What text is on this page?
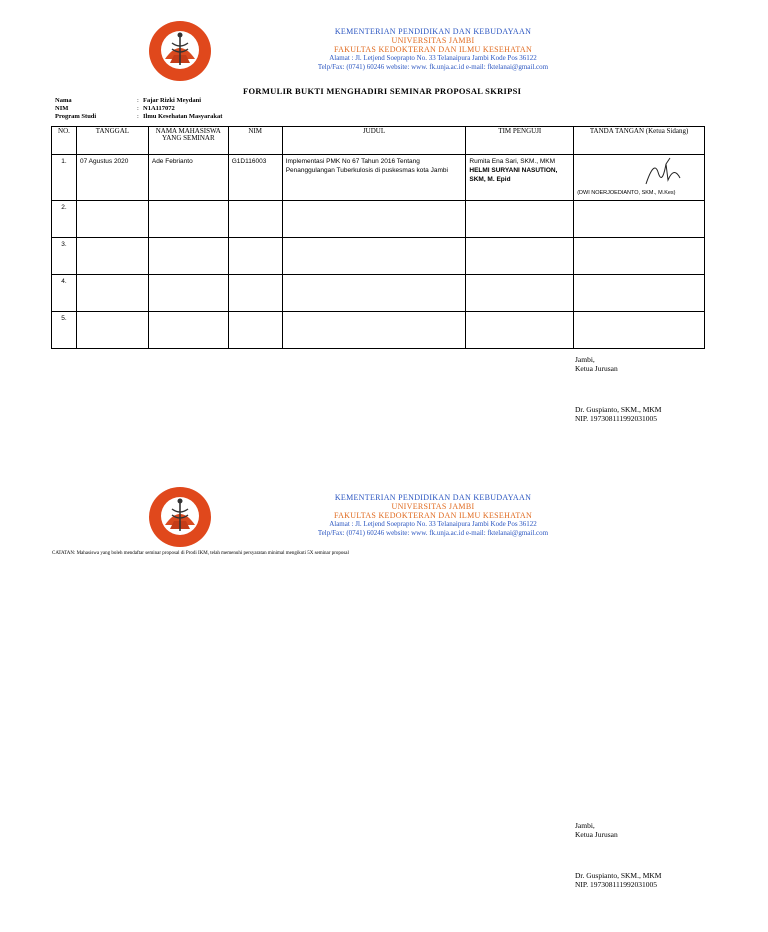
KEMENTERIAN PENDIDIKAN DAN KEBUDAYAAN
UNIVERSITAS JAMBI
FAKULTAS KEDOKTERAN DAN ILMU KESEHATAN
Alamat : Jl. Letjend Soeprapto No. 33 Telanaipura Jambi Kode Pos 36122
Telp/Fax: (0741) 60246 website: www. fk.unja.ac.id e-mail: fktelanai@gmail.com
FORMULIR BUKTI MENGHADIRI SEMINAR PROPOSAL SKRIPSI
Nama	: Fajar Rizki Meydani
NIM	: N1A117072
Program Studi	: Ilmu Kesehatan Masyarakat
NO.	TANGGAL	NAMA MAHASISWA YANG SEMINAR	NIM	JUDUL	TIM PENGUJI	TANDA TANGAN (Ketua Sidang)
1.	07 Agustus 2020	Ade Febrianto	G1D116003	Implementasi PMK No 67 Tahun 2016 Tentang Penanggulangan Tuberkulosis di puskesmas kota Jambi	Rumita Ena Sari, SKM., MKM
HELMI SURYANI NASUTION, SKM, M. Epid	(DWI NOERJOEDIANTO, SKM., M.Kes)

2.						
3.						
4.						
5.						
Jambi,
Ketua Jurusan
Dr. Guspianto, SKM., MKM
NIP. 197308111992031005
KEMENTERIAN PENDIDIKAN DAN KEBUDAYAAN
UNIVERSITAS JAMBI
FAKULTAS KEDOKTERAN DAN ILMU KESEHATAN
Alamat : Jl. Letjend Soeprapto No. 33 Telanaipura Jambi Kode Pos 36122
Telp/Fax: (0741) 60246 website: www. fk.unja.ac.id e-mail: fktelanai@gmail.com
CATATAN: Mahasiswa yang boleh mendaftar seminar proposal di Prodi IKM, telah memenuhi persyaratan minimal mengikuti 5X seminar proposal
Jambi,
Ketua Jurusan
Dr. Guspianto, SKM., MKM
NIP. 197308111992031005
